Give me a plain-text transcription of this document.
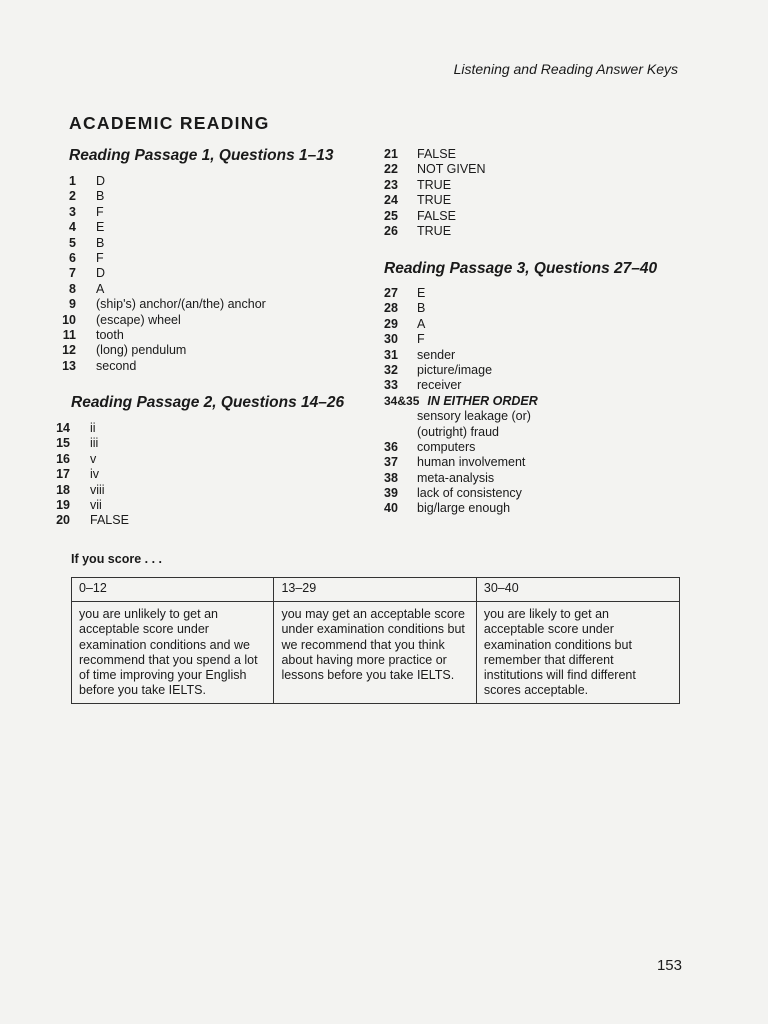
Listening and Reading Answer Keys
ACADEMIC READING
Reading Passage 1, Questions 1–13
1 D
2 B
3 F
4 E
5 B
6 F
7 D
8 A
9 (ship's) anchor/(an/the) anchor
10 (escape) wheel
11 tooth
12 (long) pendulum
13 second
Reading Passage 2, Questions 14–26
14 ii
15 iii
16 v
17 iv
18 viii
19 vii
20 FALSE
21 FALSE
22 NOT GIVEN
23 TRUE
24 TRUE
25 FALSE
26 TRUE
Reading Passage 3, Questions 27–40
27 E
28 B
29 A
30 F
31 sender
32 picture/image
33 receiver
34&35 IN EITHER ORDER
sensory leakage (or)
(outright) fraud
36 computers
37 human involvement
38 meta-analysis
39 lack of consistency
40 big/large enough
If you score . . .
0–12	13–29	30–40
you are unlikely to get an acceptable score under examination conditions and we recommend that you spend a lot of time improving your English before you take IELTS.	you may get an acceptable score under examination conditions but we recommend that you think about having more practice or lessons before you take IELTS.	you are likely to get an acceptable score under examination conditions but remember that different institutions will find different scores acceptable.
153
